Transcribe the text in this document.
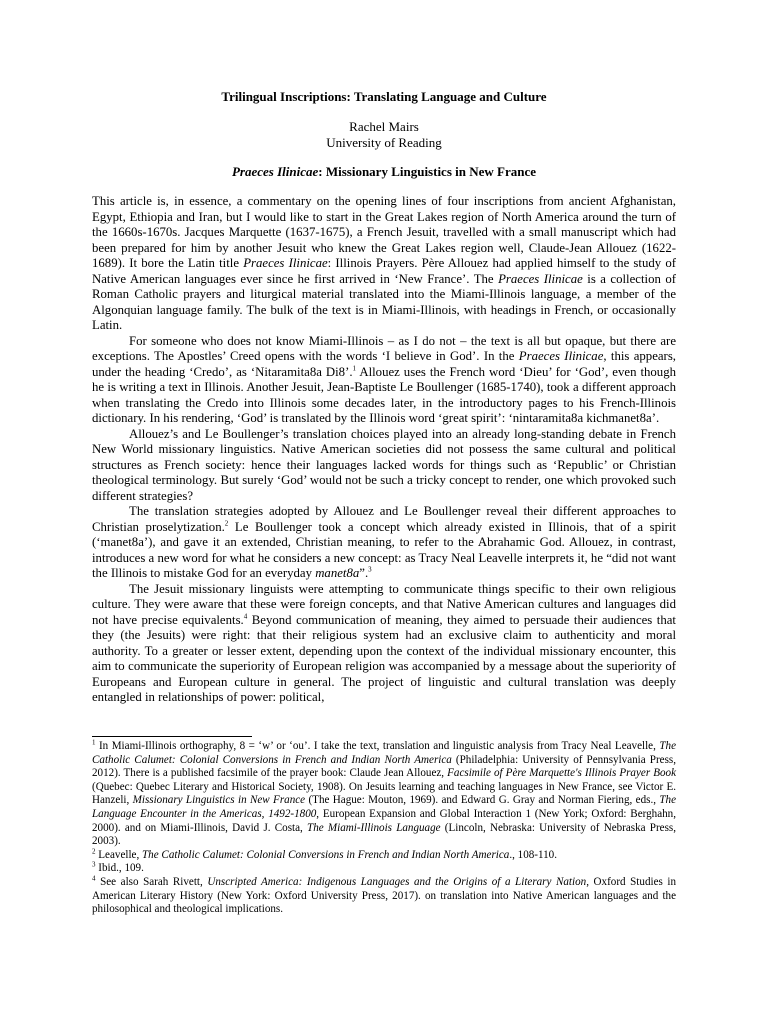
Trilingual Inscriptions: Translating Language and Culture
Rachel Mairs
University of Reading
Praeces Ilinicae: Missionary Linguistics in New France

This article is, in essence, a commentary on the opening lines of four inscriptions from ancient Afghanistan, Egypt, Ethiopia and Iran, but I would like to start in the Great Lakes region of North America around the turn of the 1660s-1670s. Jacques Marquette (1637-1675), a French Jesuit, travelled with a small manuscript which had been prepared for him by another Jesuit who knew the Great Lakes region well, Claude-Jean Allouez (1622-1689). It bore the Latin title Praeces Ilinicae: Illinois Prayers. Père Allouez had applied himself to the study of Native American languages ever since he first arrived in ‘New France’. The Praeces Ilinicae is a collection of Roman Catholic prayers and liturgical material translated into the Miami-Illinois language, a member of the Algonquian language family. The bulk of the text is in Miami-Illinois, with headings in French, or occasionally Latin.

For someone who does not know Miami-Illinois – as I do not – the text is all but opaque, but there are exceptions. The Apostles’ Creed opens with the words ‘I believe in God’. In the Praeces Ilinicae, this appears, under the heading ‘Credo’, as ‘Nitaramita8a Di8’.$^1$ Allouez uses the French word ‘Dieu’ for ‘God’, even though he is writing a text in Illinois. Another Jesuit, Jean-Baptiste Le Boullenger (1685-1740), took a different approach when translating the Credo into Illinois some decades later, in the introductory pages to his French-Illinois dictionary. In his rendering, ‘God’ is translated by the Illinois word ‘great spirit’: ‘nintaramita8a kichmanet8a’.

Allouez’s and Le Boullenger’s translation choices played into an already long-standing debate in French New World missionary linguistics. Native American societies did not possess the same cultural and political structures as French society: hence their languages lacked words for things such as ‘Republic’ or Christian theological terminology. But surely ‘God’ would not be such a tricky concept to render, one which provoked such different strategies?

The translation strategies adopted by Allouez and Le Boullenger reveal their different approaches to Christian proselytization.$^2$ Le Boullenger took a concept which already existed in Illinois, that of a spirit (‘manet8a’), and gave it an extended, Christian meaning, to refer to the Abrahamic God. Allouez, in contrast, introduces a new word for what he considers a new concept: as Tracy Neal Leavelle interprets it, he “did not want the Illinois to mistake God for an everyday manet8a”.$^3$

The Jesuit missionary linguists were attempting to communicate things specific to their own religious culture. They were aware that these were foreign concepts, and that Native American cultures and languages did not have precise equivalents.$^4$ Beyond communication of meaning, they aimed to persuade their audiences that they (the Jesuits) were right: that their religious system had an exclusive claim to authenticity and moral authority. To a greater or lesser extent, depending upon the context of the individual missionary encounter, this aim to communicate the superiority of European religion was accompanied by a message about the superiority of Europeans and European culture in general. The project of linguistic and cultural translation was deeply entangled in relationships of power: political,

$^1$ In Miami-Illinois orthography, 8 = ‘w’ or ‘ou’. I take the text, translation and linguistic analysis from Tracy Neal Leavelle, The Catholic Calumet: Colonial Conversions in French and Indian North America (Philadelphia: University of Pennsylvania Press, 2012). There is a published facsimile of the prayer book: Claude Jean Allouez, Facsimile of Père Marquette's Illinois Prayer Book (Quebec: Quebec Literary and Historical Society, 1908). On Jesuits learning and teaching languages in New France, see Victor E. Hanzeli, Missionary Linguistics in New France (The Hague: Mouton, 1969). and Edward G. Gray and Norman Fiering, eds., The Language Encounter in the Americas, 1492-1800, European Expansion and Global Interaction 1 (New York; Oxford: Berghahn, 2000). and on Miami-Illinois, David J. Costa, The Miami-Illinois Language (Lincoln, Nebraska: University of Nebraska Press, 2003).

$^2$ Leavelle, The Catholic Calumet: Colonial Conversions in French and Indian North America., 108-110.

$^3$ Ibid., 109.

$^4$ See also Sarah Rivett, Unscripted America: Indigenous Languages and the Origins of a Literary Nation, Oxford Studies in American Literary History (New York: Oxford University Press, 2017). on translation into Native American languages and the philosophical and theological implications.
